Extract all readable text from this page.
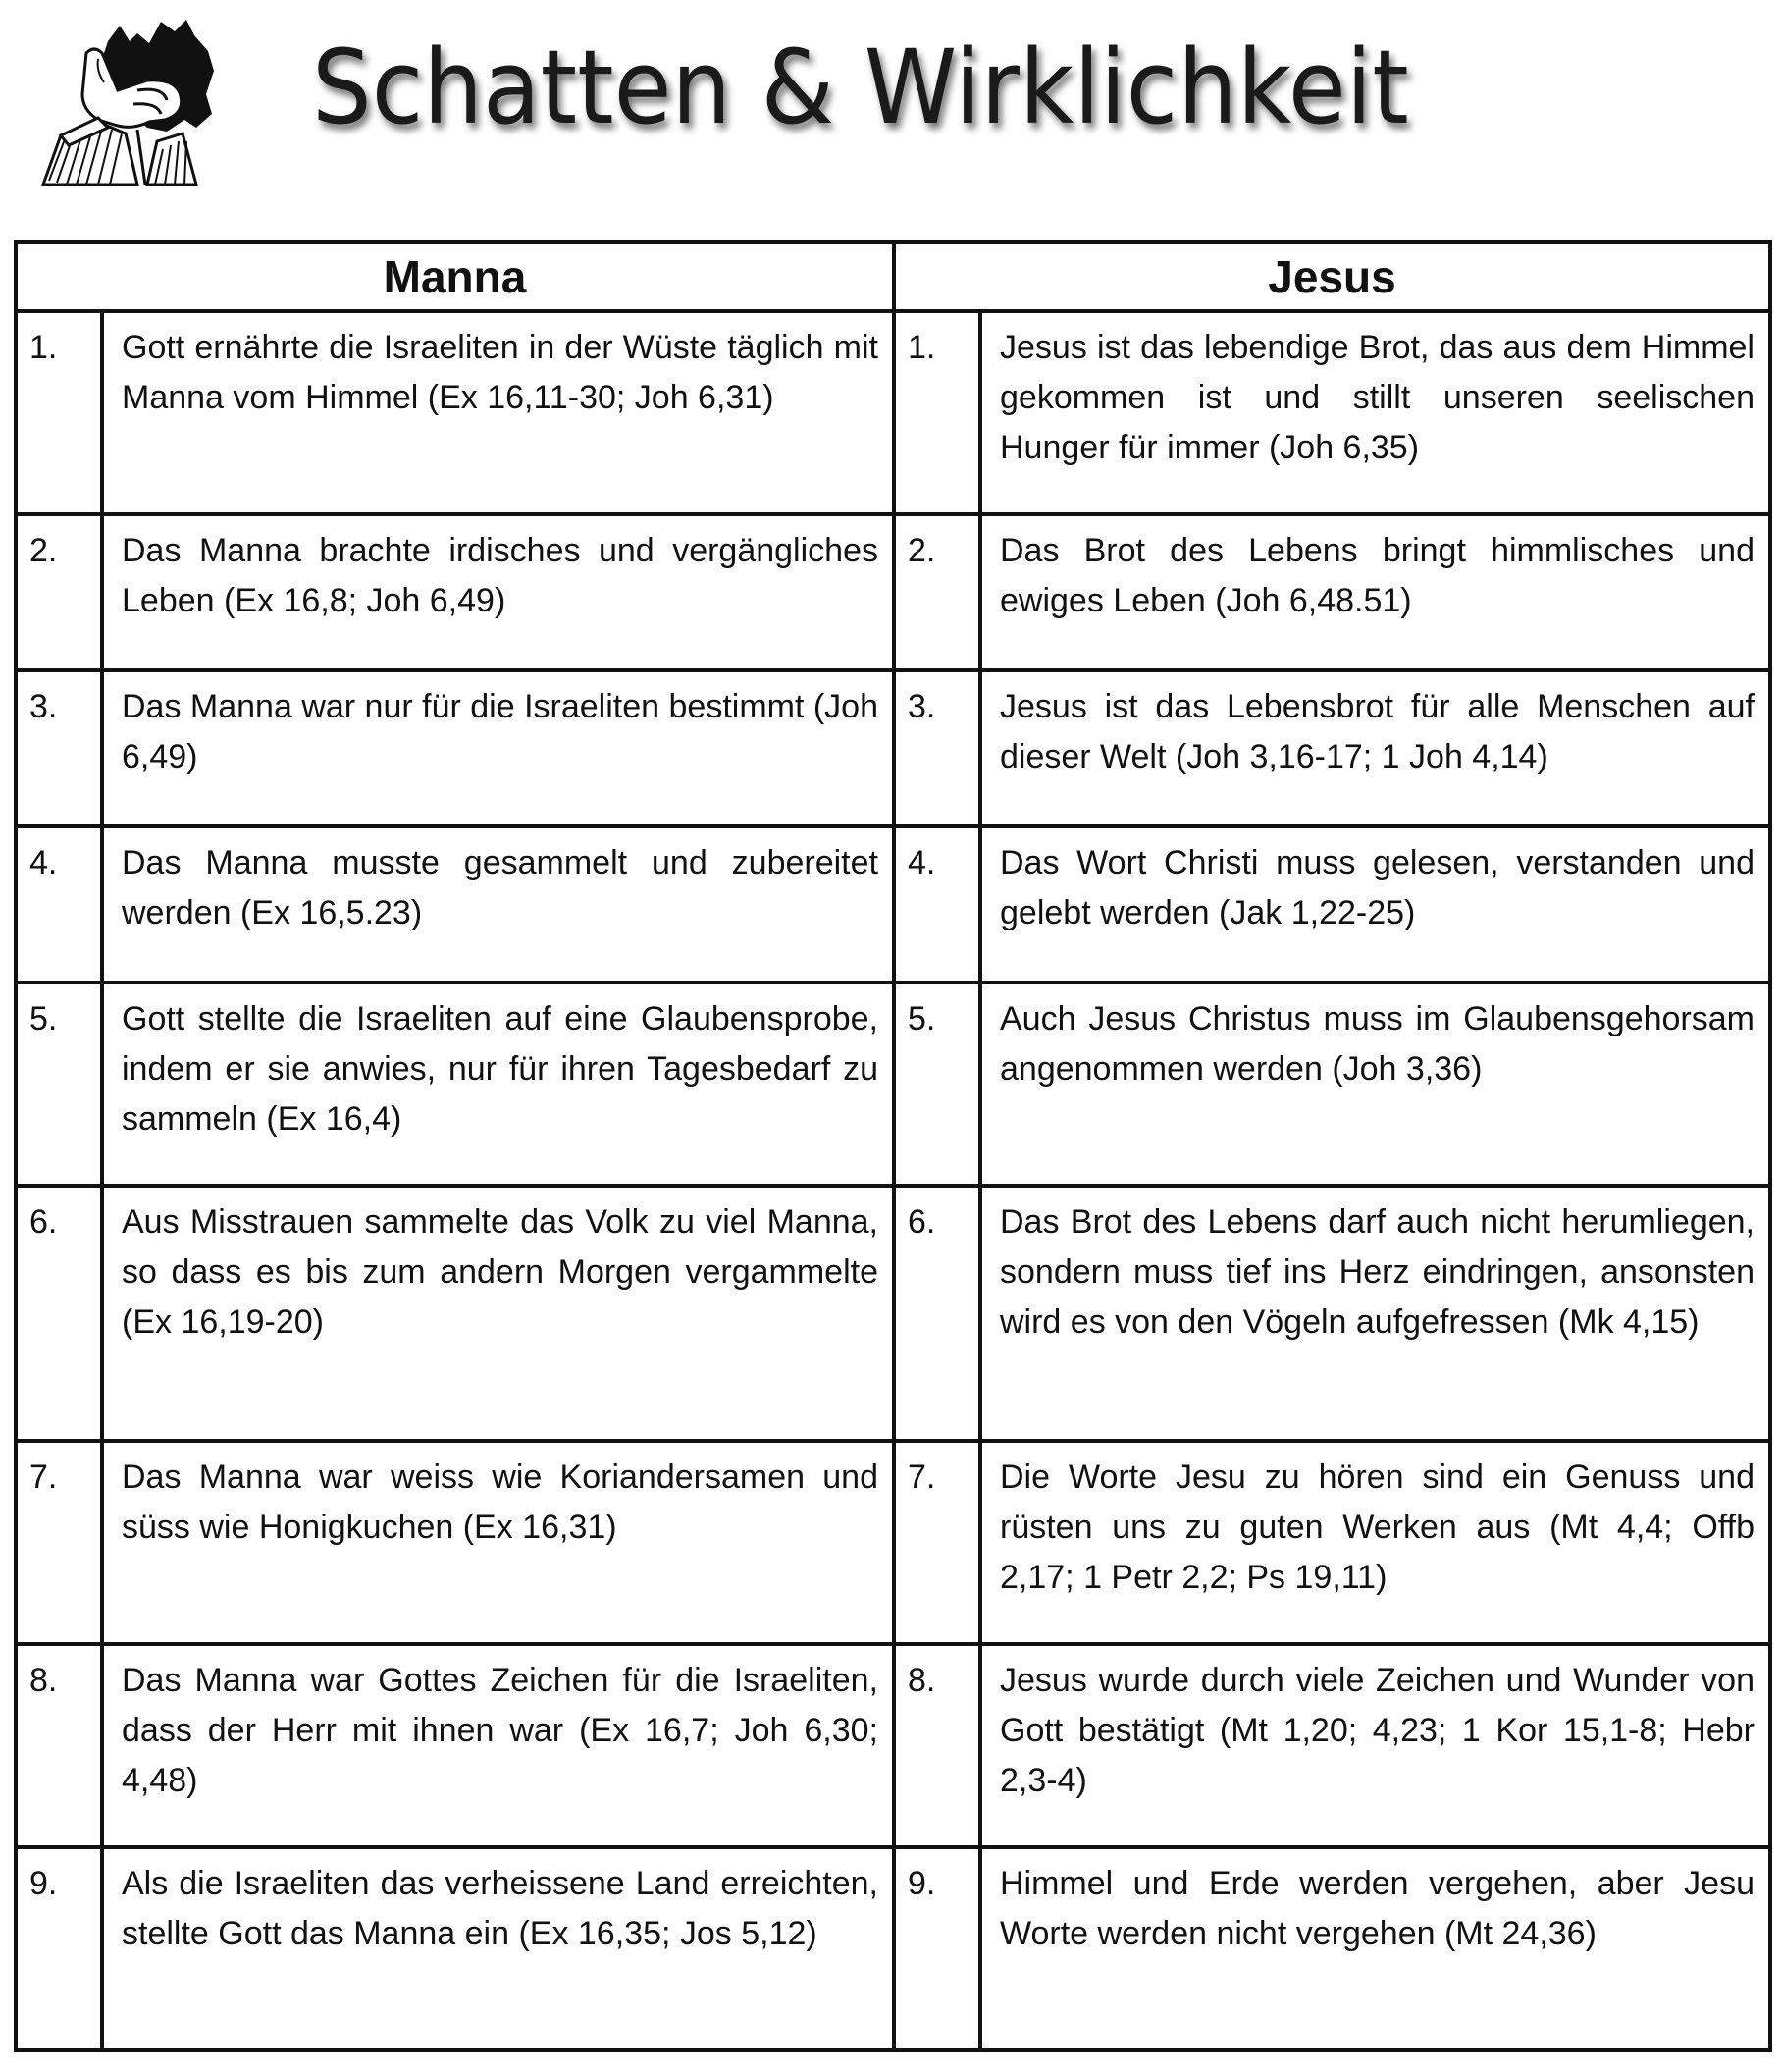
Schatten & Wirklichkeit
Manna		Jesus	
1.	Gott ernährte die Israeliten in der Wüste täglich mit Manna vom Himmel (Ex 16,11-30; Joh 6,31)	1.	Jesus ist das lebendige Brot, das aus dem Himmel gekommen ist und stillt unseren seelischen Hunger für immer (Joh 6,35)
2.	Das Manna brachte irdisches und vergängliches Leben (Ex 16,8; Joh 6,49)	2.	Das Brot des Lebens bringt himmlisches und ewiges Leben (Joh 6,48.51)
3.	Das Manna war nur für die Israeliten bestimmt (Joh 6,49)	3.	Jesus ist das Lebensbrot für alle Menschen auf dieser Welt (Joh 3,16-17; 1 Joh 4,14)
4.	Das Manna musste gesammelt und zubereitet werden (Ex 16,5.23)	4.	Das Wort Christi muss gelesen, verstanden und gelebt werden (Jak 1,22-25)
5.	Gott stellte die Israeliten auf eine Glaubensprobe, indem er sie anwies, nur für ihren Tagesbedarf zu sammeln (Ex 16,4)	5.	Auch Jesus Christus muss im Glaubensgehorsam angenommen werden (Joh 3,36)
6.	Aus Misstrauen sammelte das Volk zu viel Manna, so dass es bis zum andern Morgen vergammelte (Ex 16,19-20)	6.	Das Brot des Lebens darf auch nicht herumliegen, sondern muss tief ins Herz eindringen, ansonsten wird es von den Vögeln aufgefressen (Mk 4,15)
7.	Das Manna war weiss wie Koriandersamen und süss wie Honigkuchen (Ex 16,31)	7.	Die Worte Jesu zu hören sind ein Genuss und rüsten uns zu guten Werken aus (Mt 4,4; Offb 2,17; 1 Petr 2,2; Ps 19,11)
8.	Das Manna war Gottes Zeichen für die Israeliten, dass der Herr mit ihnen war (Ex 16,7; Joh 6,30; 4,48)	8.	Jesus wurde durch viele Zeichen und Wunder von Gott bestätigt (Mt 1,20; 4,23; 1 Kor 15,1-8; Hebr 2,3-4)
9.	Als die Israeliten das verheissene Land erreichten, stellte Gott das Manna ein (Ex 16,35; Jos 5,12)	9.	Himmel und Erde werden vergehen, aber Jesu Worte werden nicht vergehen (Mt 24,36)
